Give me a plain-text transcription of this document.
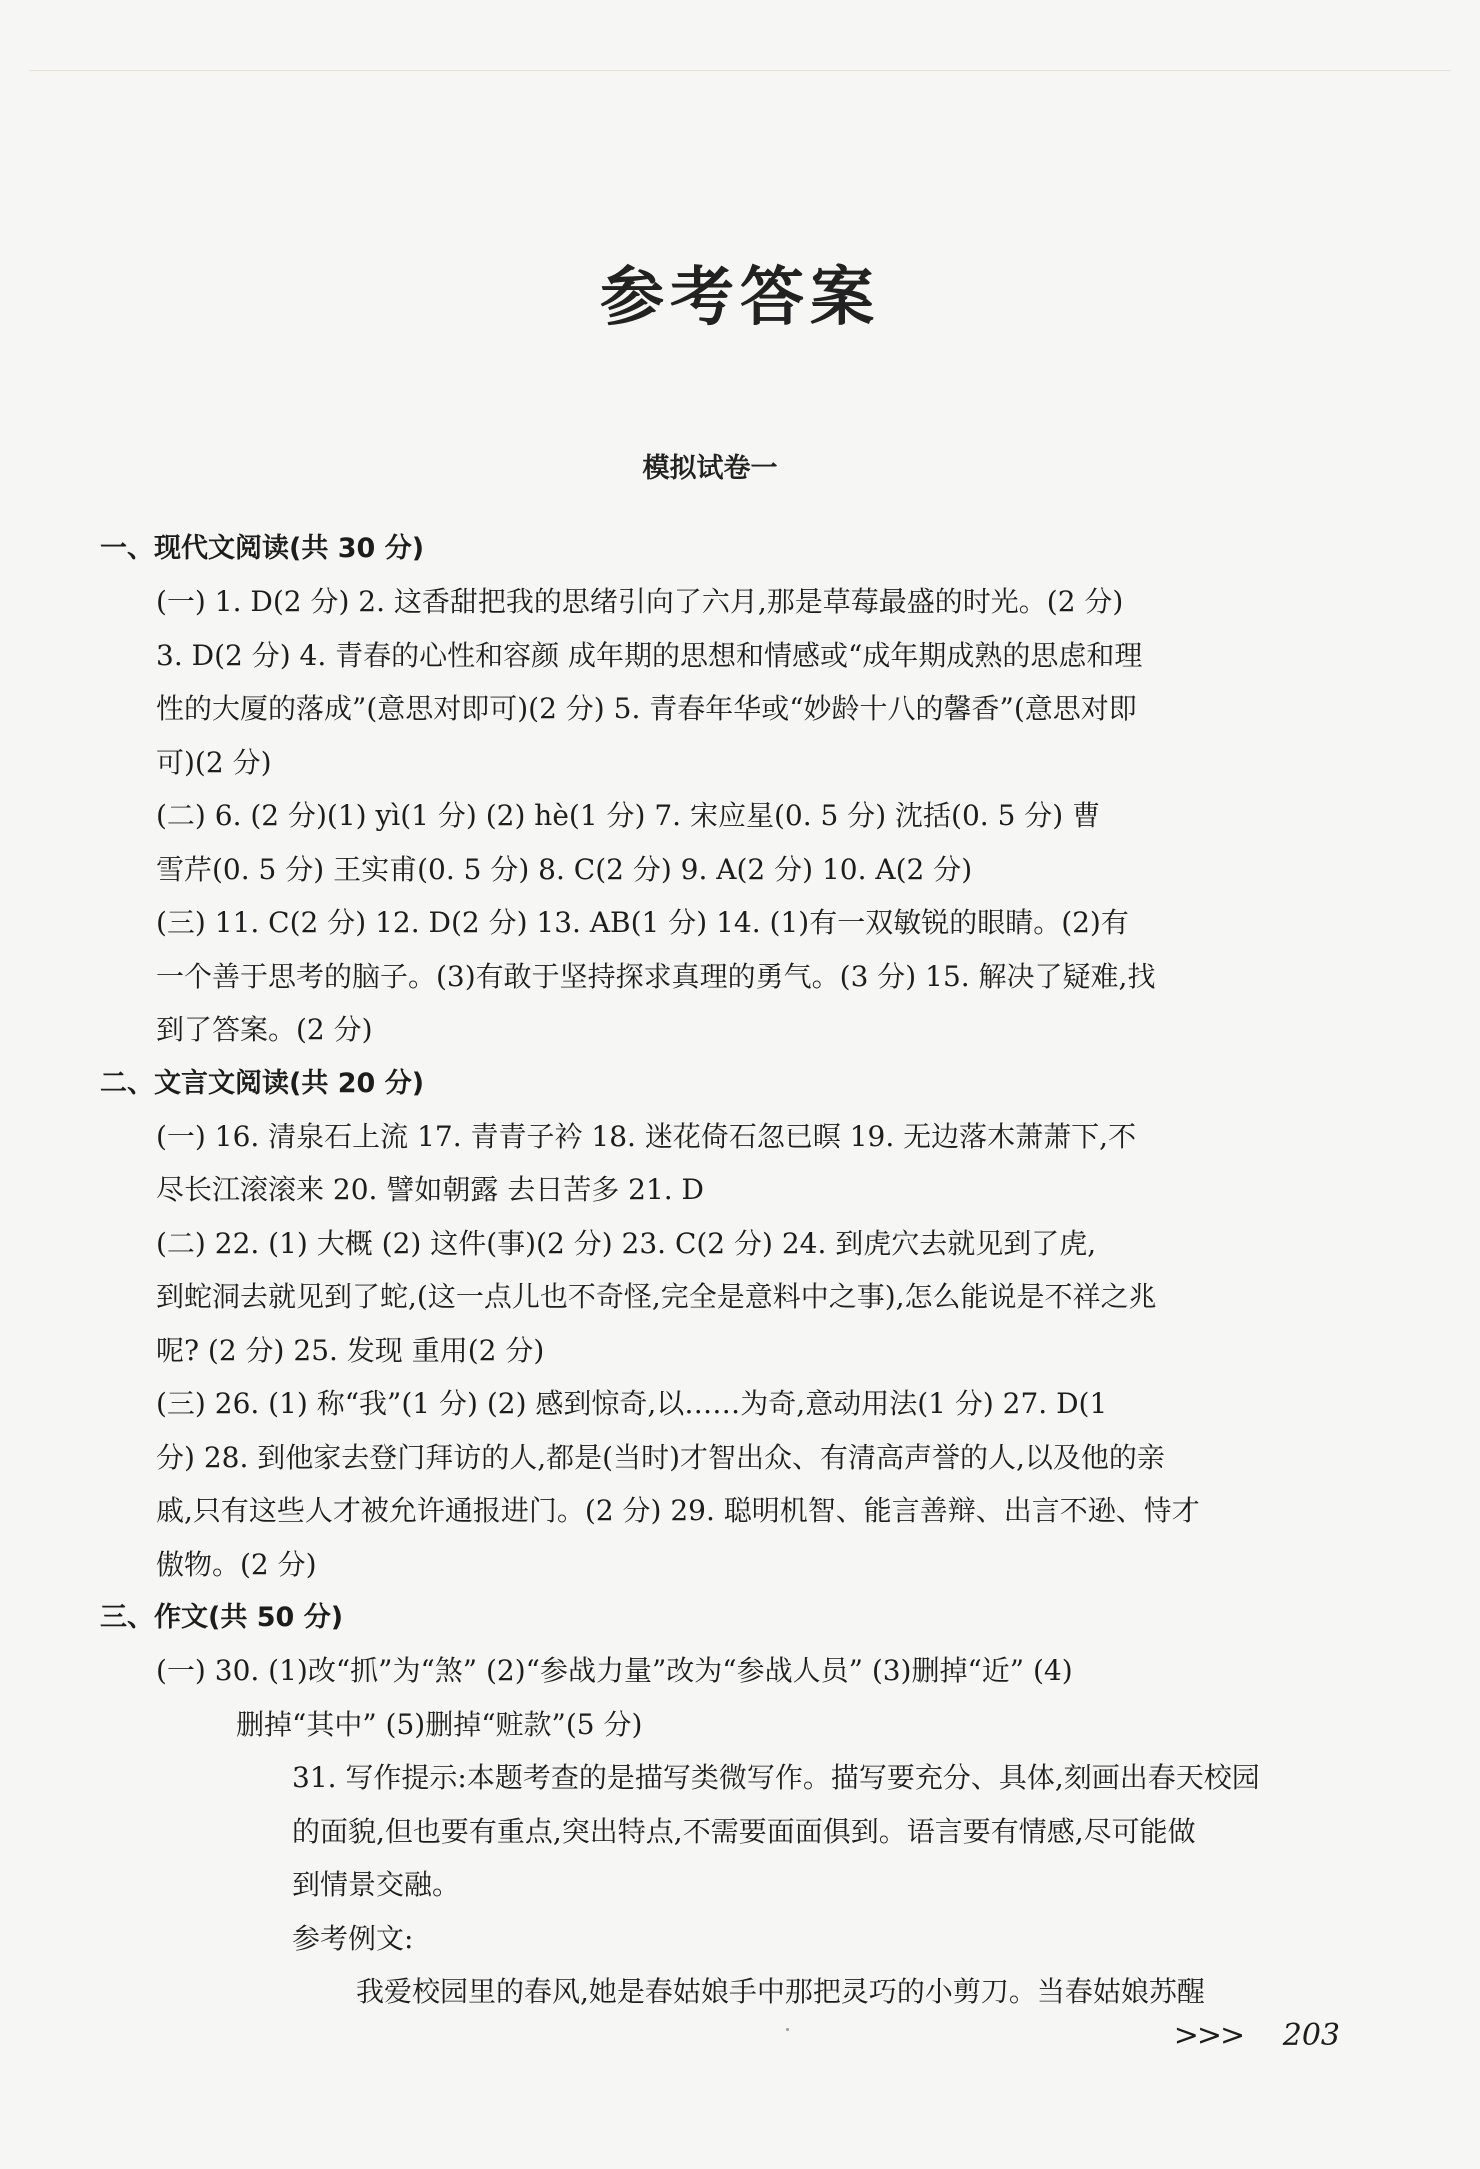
参考答案
模拟试卷一
一、现代文阅读(共 30 分)
(一) 1. D(2 分) 2. 这香甜把我的思绪引向了六月,那是草莓最盛的时光。(2 分)
3. D(2 分) 4. 青春的心性和容颜 成年期的思想和情感或“成年期成熟的思虑和理
性的大厦的落成”(意思对即可)(2 分) 5. 青春年华或“妙龄十八的馨香”(意思对即
可)(2 分)
(二) 6. (2 分)(1) yì(1 分) (2) hè(1 分) 7. 宋应星(0. 5 分) 沈括(0. 5 分) 曹
雪芹(0. 5 分) 王实甫(0. 5 分) 8. C(2 分) 9. A(2 分) 10. A(2 分)
(三) 11. C(2 分) 12. D(2 分) 13. AB(1 分) 14. (1)有一双敏锐的眼睛。(2)有
一个善于思考的脑子。(3)有敢于坚持探求真理的勇气。(3 分) 15. 解决了疑难,找
到了答案。(2 分)
二、文言文阅读(共 20 分)
(一) 16. 清泉石上流 17. 青青子衿 18. 迷花倚石忽已暝 19. 无边落木萧萧下,不
尽长江滚滚来 20. 譬如朝露 去日苦多 21. D
(二) 22. (1) 大概 (2) 这件(事)(2 分) 23. C(2 分) 24. 到虎穴去就见到了虎,
到蛇洞去就见到了蛇,(这一点儿也不奇怪,完全是意料中之事),怎么能说是不祥之兆
呢? (2 分) 25. 发现 重用(2 分)
(三) 26. (1) 称“我”(1 分) (2) 感到惊奇,以……为奇,意动用法(1 分) 27. D(1
分) 28. 到他家去登门拜访的人,都是(当时)才智出众、有清高声誉的人,以及他的亲
戚,只有这些人才被允许通报进门。(2 分) 29. 聪明机智、能言善辩、出言不逊、恃才
傲物。(2 分)
三、作文(共 50 分)
(一) 30. (1)改“抓”为“煞” (2)“参战力量”改为“参战人员” (3)删掉“近” (4)
删掉“其中” (5)删掉“赃款”(5 分)
31. 写作提示:本题考查的是描写类微写作。描写要充分、具体,刻画出春天校园
的面貌,但也要有重点,突出特点,不需要面面俱到。语言要有情感,尽可能做
到情景交融。
参考例文:
我爱校园里的春风,她是春姑娘手中那把灵巧的小剪刀。当春姑娘苏醒
>>> 203
